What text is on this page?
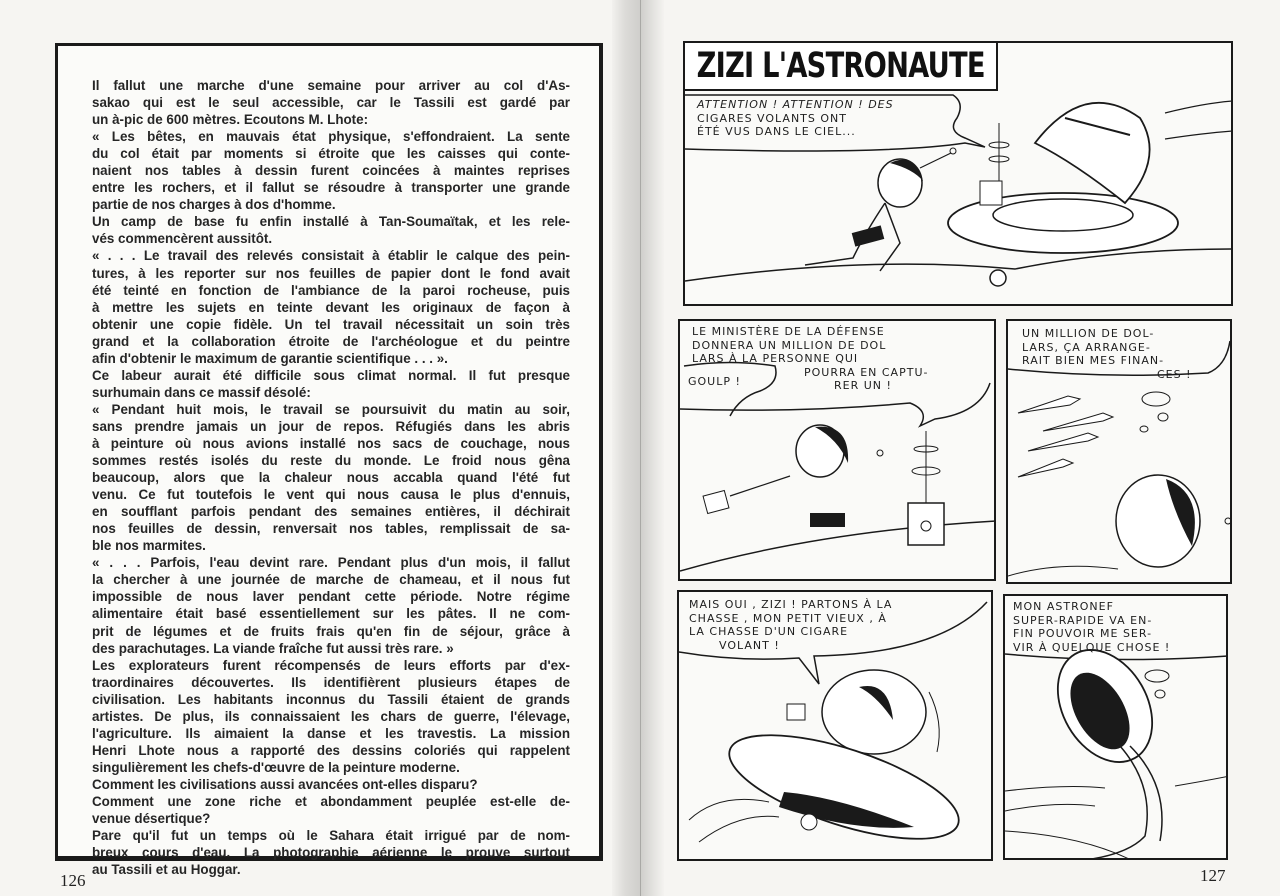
Il fallut une marche d'une semaine pour arriver au col d'As-
sakao qui est le seul accessible, car le Tassili est gardé par
un à-pic de 600 mètres. Ecoutons M. Lhote:
« Les bêtes, en mauvais état physique, s'effondraient. La sente
du col était par moments si étroite que les caisses qui conte-
naient nos tables à dessin furent coincées à maintes reprises
entre les rochers, et il fallut se résoudre à transporter une grande
partie de nos charges à dos d'homme.
Un camp de base fu enfin installé à Tan-Soumaïtak, et les rele-
vés commencèrent aussitôt.
« . . . Le travail des relevés consistait à établir le calque des pein-
tures, à les reporter sur nos feuilles de papier dont le fond avait
été teinté en fonction de l'ambiance de la paroi rocheuse, puis
à mettre les sujets en teinte devant les originaux de façon à
obtenir une copie fidèle. Un tel travail nécessitait un soin très
grand et la collaboration étroite de l'archéologue et du peintre
afin d'obtenir le maximum de garantie scientifique . . . ».
Ce labeur aurait été difficile sous climat normal. Il fut presque
surhumain dans ce massif désolé:
« Pendant huit mois, le travail se poursuivit du matin au soir,
sans prendre jamais un jour de repos. Réfugiés dans les abris
à peinture où nous avions installé nos sacs de couchage, nous
sommes restés isolés du reste du monde. Le froid nous gêna
beaucoup, alors que la chaleur nous accabla quand l'été fut
venu. Ce fut toutefois le vent qui nous causa le plus d'ennuis,
en soufflant parfois pendant des semaines entières, il déchirait
nos feuilles de dessin, renversait nos tables, remplissait de sa-
ble nos marmites.
« . . . Parfois, l'eau devint rare. Pendant plus d'un mois, il fallut
la chercher à une journée de marche de chameau, et il nous fut
impossible de nous laver pendant cette période. Notre régime
alimentaire était basé essentiellement sur les pâtes. Il ne com-
prit de légumes et de fruits frais qu'en fin de séjour, grâce à
des parachutages. La viande fraîche fut aussi très rare. »
Les explorateurs furent récompensés de leurs efforts par d'ex-
traordinaires découvertes. Ils identifièrent plusieurs étapes de
civilisation. Les habitants inconnus du Tassili étaient de grands
artistes. De plus, ils connaissaient les chars de guerre, l'élevage,
l'agriculture. Ils aimaient la danse et les travestis. La mission
Henri Lhote nous a rapporté des dessins coloriés qui rappelent
singulièrement les chefs-d'œuvre de la peinture moderne.
Comment les civilisations aussi avancées ont-elles disparu?
Comment une zone riche et abondamment peuplée est-elle de-
venue désertique?
Pare qu'il fut un temps où le Sahara était irrigué par de nom-
breux cours d'eau. La photographie aérienne le prouve surtout
au Tassili et au Hoggar.
126
ZIZI L'ASTRONAUTE
ATTENTION ! ATTENTION ! DES
CIGARES VOLANTS ONT
ÉTÉ VUS DANS LE CIEL...
LE MINISTÈRE DE LA DÉFENSE
DONNERA UN MILLION DE DOL
LARS À LA PERSONNE QUI
POURRA EN CAPTU-
RER UN !
GOULP !
UN MILLION DE DOL-
LARS, ÇA ARRANGE-
RAIT BIEN MES FINAN-
CES !
MAIS OUI , ZIZI ! PARTONS À LA
CHASSE , MON PETIT VIEUX , À
LA CHASSE D'UN CIGARE
VOLANT !
MON ASTRONEF
SUPER-RAPIDE VA EN-
FIN POUVOIR ME SER-
VIR À QUELQUE CHOSE !
127
